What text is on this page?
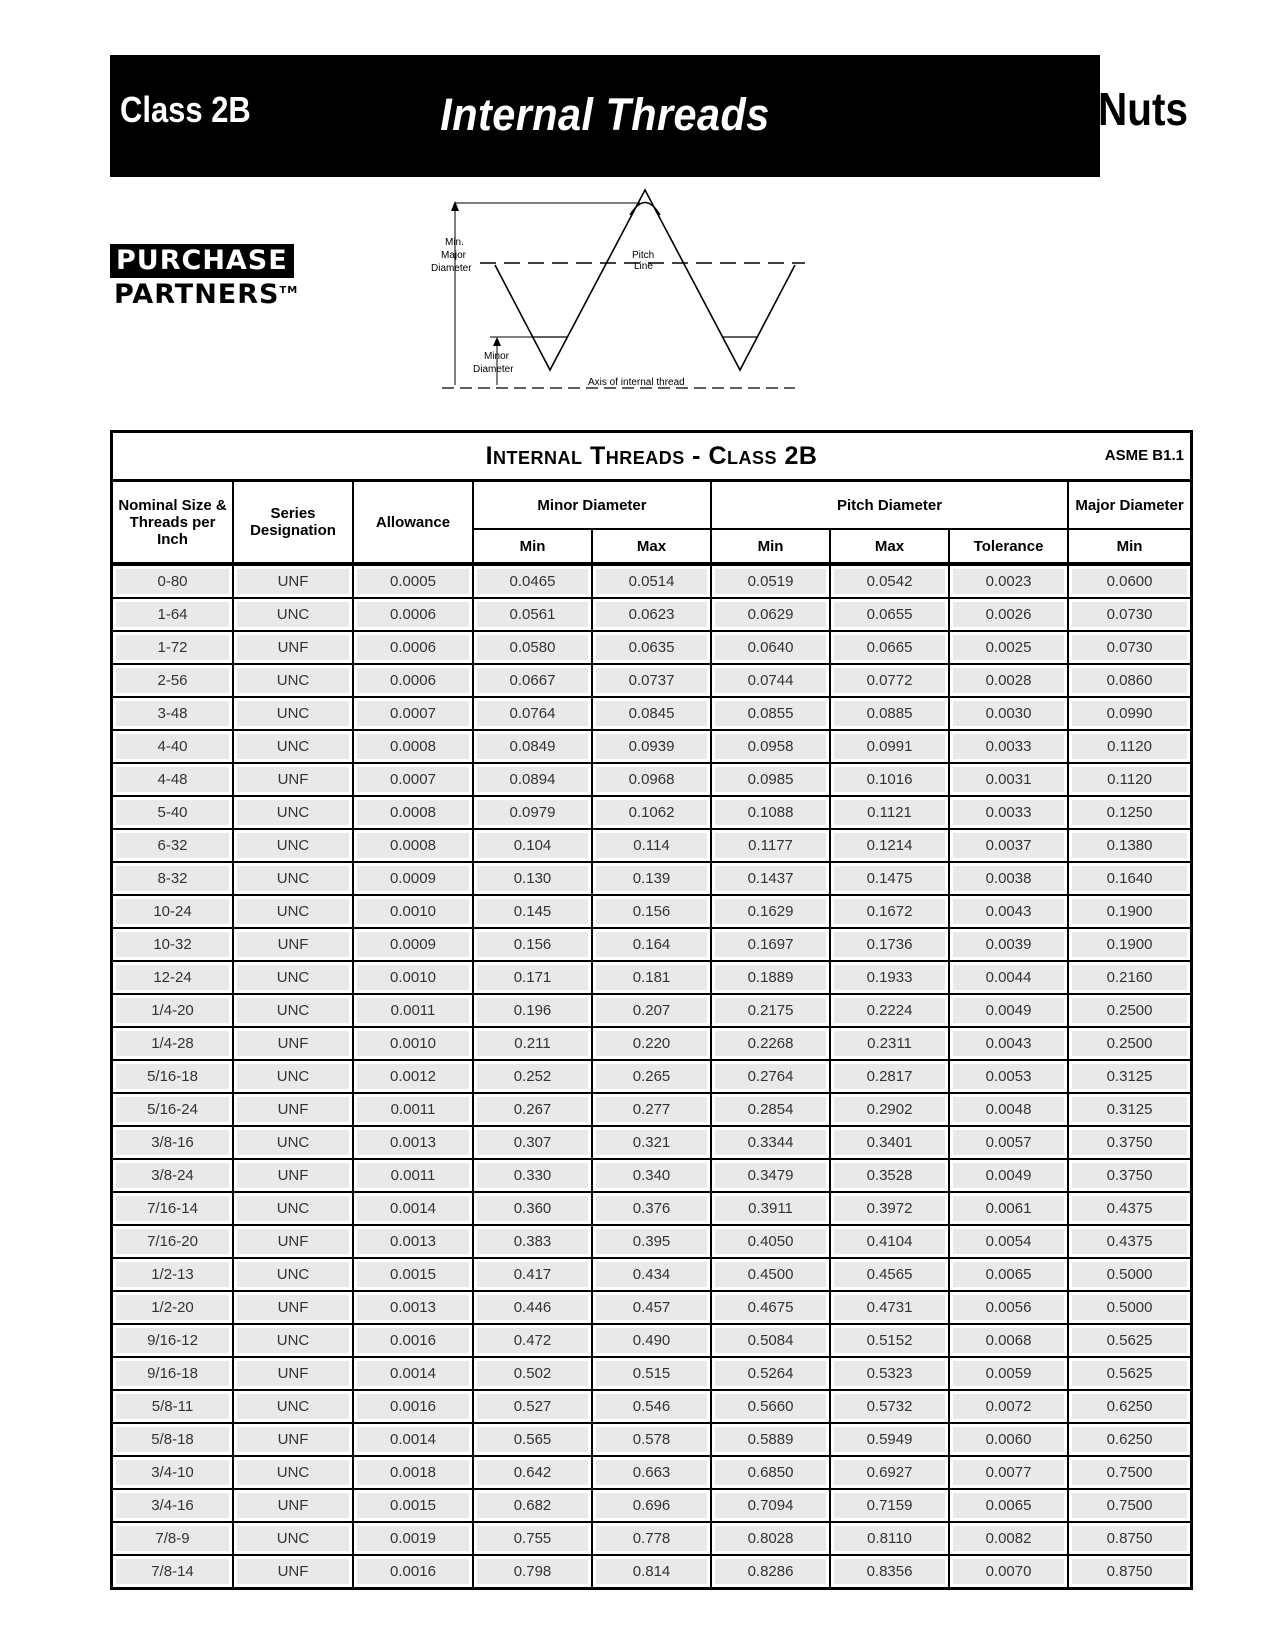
Class 2B	Internal Threads	Nuts
PURCHASE
PARTNERS™
Min.
Major
Diameter
Pitch
Line
Minor
Diameter
Axis of internal thread
Internal Threads - Class 2B	ASME B1.1
Nominal Size & Threads per Inch	Series Designation	Allowance	Minor Diameter		Pitch Diameter			Major Diameter
			Min	Max	Min	Max	Tolerance	Min
0-80	UNF	0.0005	0.0465	0.0514	0.0519	0.0542	0.0023	0.0600
1-64	UNC	0.0006	0.0561	0.0623	0.0629	0.0655	0.0026	0.0730
1-72	UNF	0.0006	0.0580	0.0635	0.0640	0.0665	0.0025	0.0730
2-56	UNC	0.0006	0.0667	0.0737	0.0744	0.0772	0.0028	0.0860
3-48	UNC	0.0007	0.0764	0.0845	0.0855	0.0885	0.0030	0.0990
4-40	UNC	0.0008	0.0849	0.0939	0.0958	0.0991	0.0033	0.1120
4-48	UNF	0.0007	0.0894	0.0968	0.0985	0.1016	0.0031	0.1120
5-40	UNC	0.0008	0.0979	0.1062	0.1088	0.1121	0.0033	0.1250
6-32	UNC	0.0008	0.104	0.114	0.1177	0.1214	0.0037	0.1380
8-32	UNC	0.0009	0.130	0.139	0.1437	0.1475	0.0038	0.1640
10-24	UNC	0.0010	0.145	0.156	0.1629	0.1672	0.0043	0.1900
10-32	UNF	0.0009	0.156	0.164	0.1697	0.1736	0.0039	0.1900
12-24	UNC	0.0010	0.171	0.181	0.1889	0.1933	0.0044	0.2160
1/4-20	UNC	0.0011	0.196	0.207	0.2175	0.2224	0.0049	0.2500
1/4-28	UNF	0.0010	0.211	0.220	0.2268	0.2311	0.0043	0.2500
5/16-18	UNC	0.0012	0.252	0.265	0.2764	0.2817	0.0053	0.3125
5/16-24	UNF	0.0011	0.267	0.277	0.2854	0.2902	0.0048	0.3125
3/8-16	UNC	0.0013	0.307	0.321	0.3344	0.3401	0.0057	0.3750
3/8-24	UNF	0.0011	0.330	0.340	0.3479	0.3528	0.0049	0.3750
7/16-14	UNC	0.0014	0.360	0.376	0.3911	0.3972	0.0061	0.4375
7/16-20	UNF	0.0013	0.383	0.395	0.4050	0.4104	0.0054	0.4375
1/2-13	UNC	0.0015	0.417	0.434	0.4500	0.4565	0.0065	0.5000
1/2-20	UNF	0.0013	0.446	0.457	0.4675	0.4731	0.0056	0.5000
9/16-12	UNC	0.0016	0.472	0.490	0.5084	0.5152	0.0068	0.5625
9/16-18	UNF	0.0014	0.502	0.515	0.5264	0.5323	0.0059	0.5625
5/8-11	UNC	0.0016	0.527	0.546	0.5660	0.5732	0.0072	0.6250
5/8-18	UNF	0.0014	0.565	0.578	0.5889	0.5949	0.0060	0.6250
3/4-10	UNC	0.0018	0.642	0.663	0.6850	0.6927	0.0077	0.7500
3/4-16	UNF	0.0015	0.682	0.696	0.7094	0.7159	0.0065	0.7500
7/8-9	UNC	0.0019	0.755	0.778	0.8028	0.8110	0.0082	0.8750
7/8-14	UNF	0.0016	0.798	0.814	0.8286	0.8356	0.0070	0.8750
